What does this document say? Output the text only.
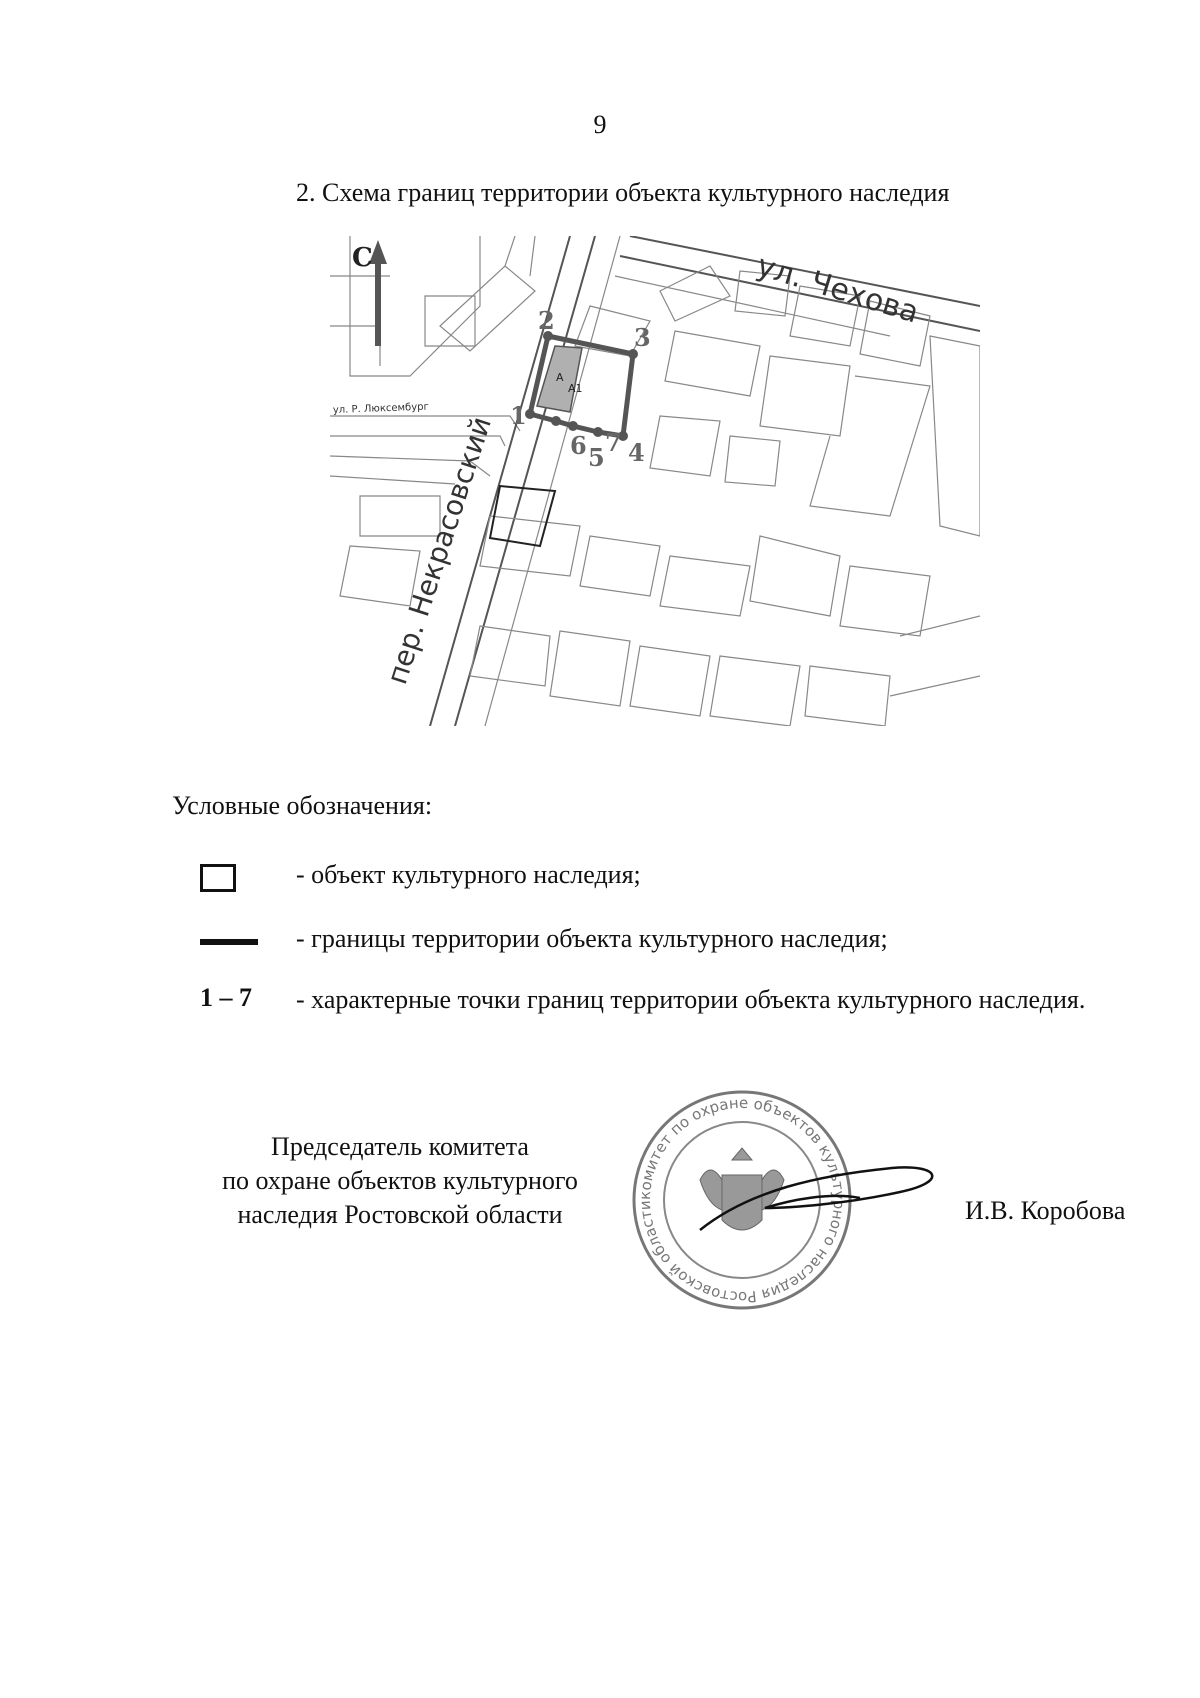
9
2. Схема границ территории объекта культурного наследия
С	ул. Чехова
пер. Некрасовский
ул. Р. Люксембург
А
А1
1
2
3
4
5
6 7
Условные обозначения:
- объект культурного наследия;
- границы территории объекта культурного наследия;
1 – 7 - характерные точки границ территории объекта культурного наследия.
Председатель комитета
по охране объектов культурного
наследия Ростовской области
комитет по охране объектов культурного наследия Ростовской области	И.В. Коробова
